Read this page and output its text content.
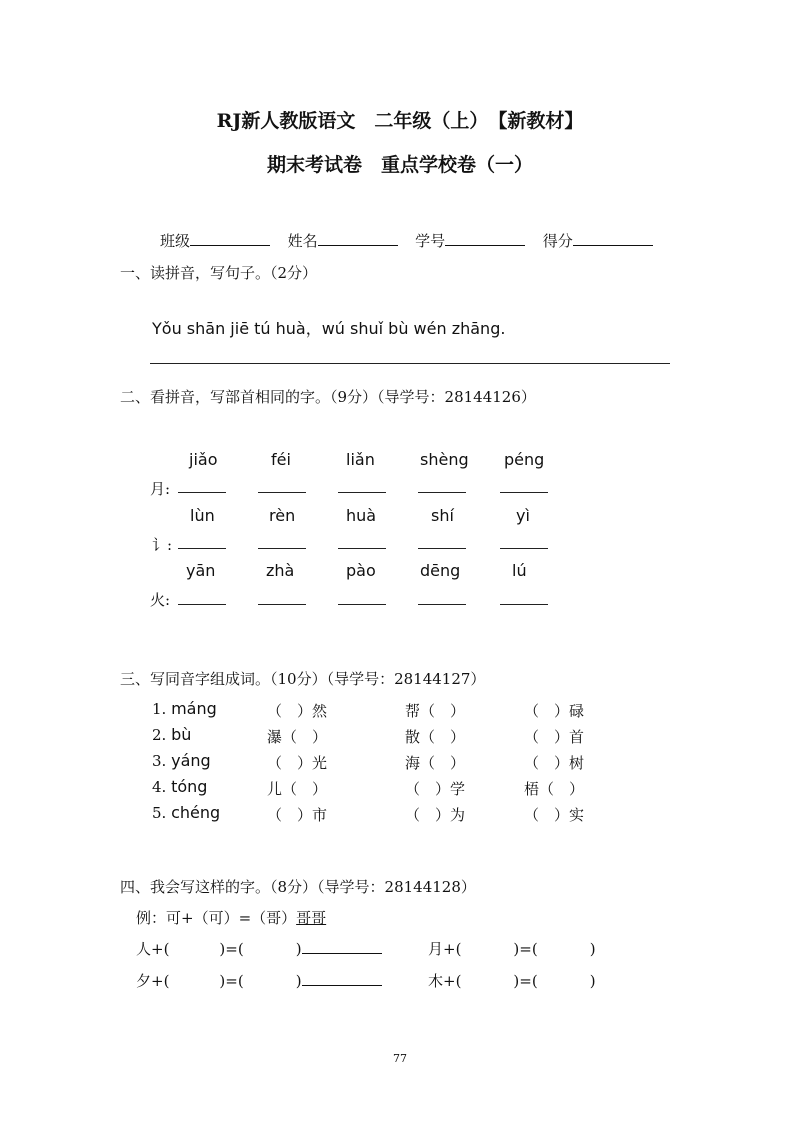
RJ新人教版语文　二年级（上）　【新教材】
期末考试卷　重点学校卷（一）
班级	姓名	学号	得分
一、读拼音，写句子。（2分）
Yǒu shān jiē tú huà，wú shuǐ bù wén zhāng.
二、看拼音，写部首相同的字。（9分）（导学号：28144126）
jiǎo	féi	liǎn	shèng péng
月:
lùn	rèn	huà	shí	yì
讠:
yān	zhà	pào	dēng	lú
火:
三、写同音字组成词。（10分）（导学号：28144127）
1. máng	（　）然	帮（　）	（　）碌
2. bù	瀑（　）	散（　）	（　）首
3. yáng	（　）光	海（　）	（　）树
4. tóng	儿（　）	（　）学	梧（　）
5. chéng	（　）市	（　）为	（　）实
四、我会写这样的字。（8分）（导学号：28144128）
例：可+（可）=（哥）哥哥
人+(	)=(	)	月+(	)=(	)
夕+(	)=(	)	木+(	)=(	)
77
